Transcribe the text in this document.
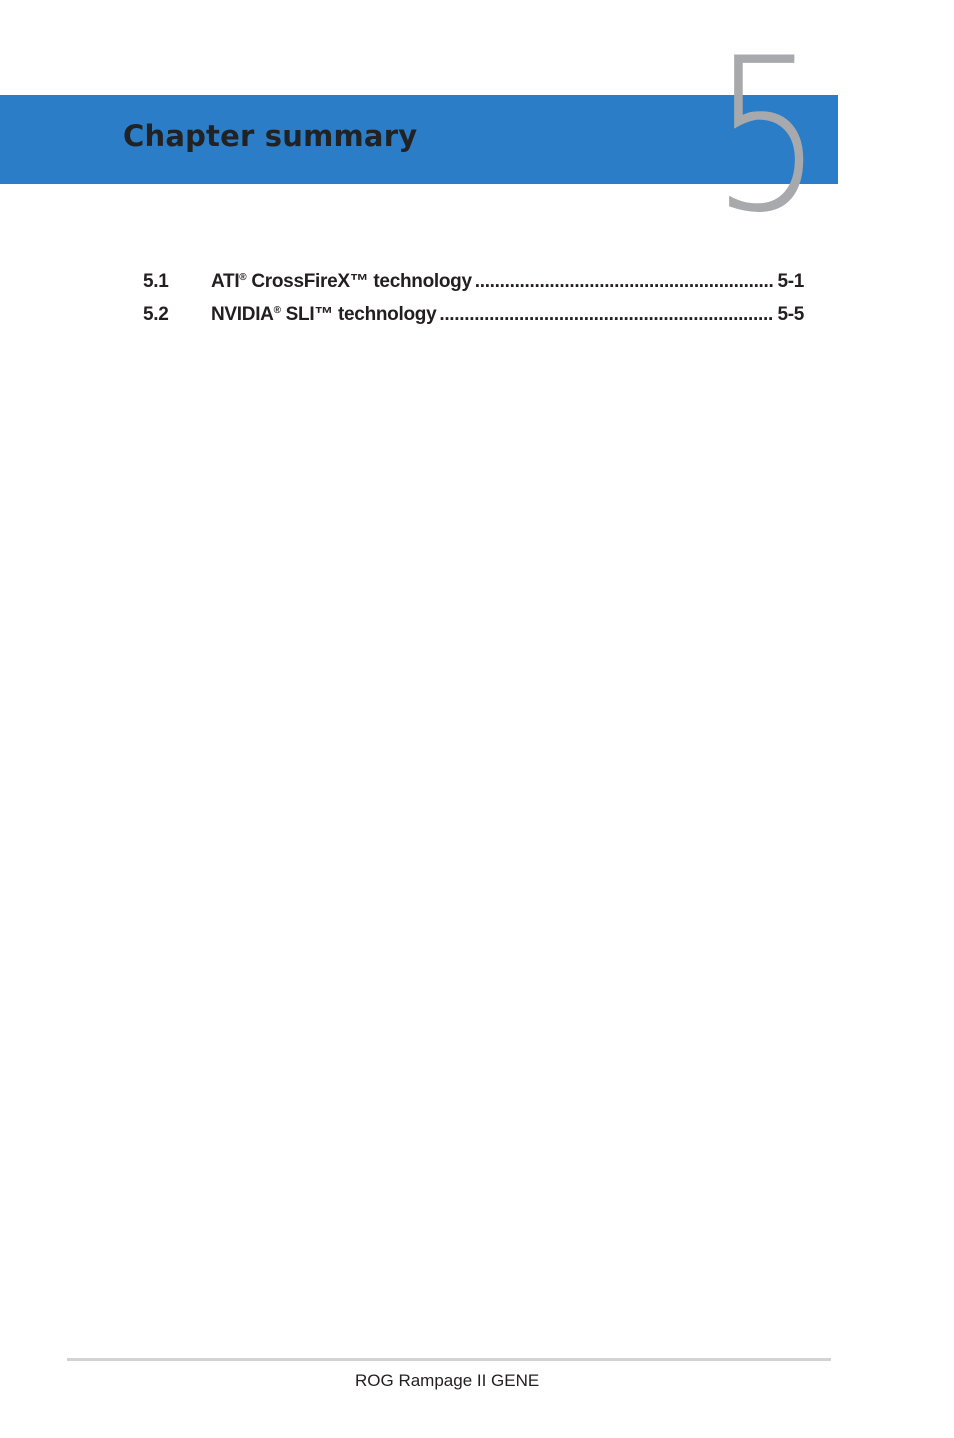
Chapter summary 5
5.1	ATI® CrossFireX™ technology .....	5-1
5.2	NVIDIA® SLI™ technology .....	5-5
ROG Rampage II GENE
